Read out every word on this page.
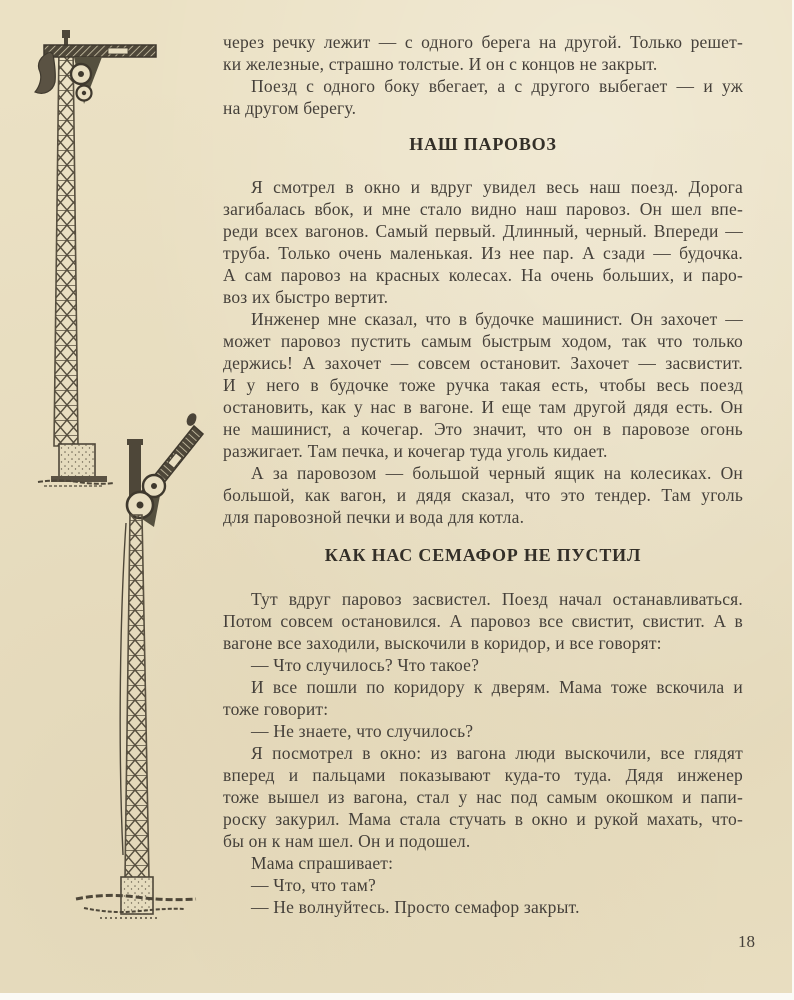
через речку лежит — с одного берега на другой. Только решет-
ки железные, страшно толстые. И он с концов не закрыт.
Поезд с одного боку вбегает, а с другого выбегает — и уж
на другом берегу.
НАШ ПАРОВОЗ
Я смотрел в окно и вдруг увидел весь наш поезд. Дорога
загибалась вбок, и мне стало видно наш паровоз. Он шел впе-
реди всех вагонов. Самый первый. Длинный, черный. Впереди —
труба. Только очень маленькая. Из нее пар. А сзади — будочка.
А сам паровоз на красных колесах. На очень больших, и паро-
воз их быстро вертит.
Инженер мне сказал, что в будочке машинист. Он захочет —
может паровоз пустить самым быстрым ходом, так что только
держись! А захочет — совсем остановит. Захочет — засвистит.
И у него в будочке тоже ручка такая есть, чтобы весь поезд
остановить, как у нас в вагоне. И еще там другой дядя есть. Он
не машинист, а кочегар. Это значит, что он в паровозе огонь
разжигает. Там печка, и кочегар туда уголь кидает.
А за паровозом — большой черный ящик на колесиках. Он
большой, как вагон, и дядя сказал, что это тендер. Там уголь
для паровозной печки и вода для котла.
КАК НАС СЕМАФОР НЕ ПУСТИЛ
Тут вдруг паровоз засвистел. Поезд начал останавливаться.
Потом совсем остановился. А паровоз все свистит, свистит. А в
вагоне все заходили, выскочили в коридор, и все говорят:
— Что случилось? Что такое?
И все пошли по коридору к дверям. Мама тоже вскочила и
тоже говорит:
— Не знаете, что случилось?
Я посмотрел в окно: из вагона люди выскочили, все глядят
вперед и пальцами показывают куда-то туда. Дядя инженер
тоже вышел из вагона, стал у нас под самым окошком и папи-
роску закурил. Мама стала стучать в окно и рукой махать, что-
бы он к нам шел. Он и подошел.
Мама спрашивает:
— Что, что там?
— Не волнуйтесь. Просто семафор закрыт.
18
